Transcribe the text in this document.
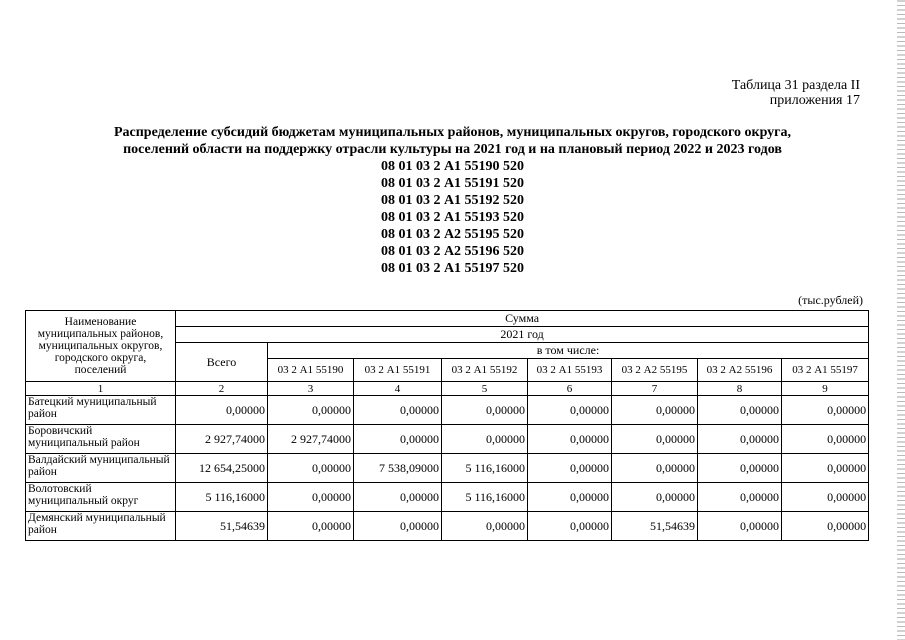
Таблица 31 раздела II
приложения 17
Распределение субсидий бюджетам муниципальных районов, муниципальных округов, городского округа,
поселений области на поддержку отрасли культуры на 2021 год и на плановый период 2022 и 2023 годов
08 01 03 2 А1 55190 520
08 01 03 2 А1 55191 520
08 01 03 2 А1 55192 520
08 01 03 2 А1 55193 520
08 01 03 2 А2 55195 520
08 01 03 2 А2 55196 520
08 01 03 2 А1 55197 520
(тыс.рублей)
Наименование муниципальных районов, муниципальных округов, городского округа, поселений	Сумма							
	2021 год							
	Всего	в том числе:						
		03 2 А1 55190	03 2 А1 55191	03 2 А1 55192	03 2 А1 55193	03 2 А2 55195	03 2 А2 55196	03 2 А1 55197
1	2	3	4	5	6	7	8	9
Батецкий муниципальный район	0,00000	0,00000	0,00000	0,00000	0,00000	0,00000	0,00000	0,00000
Боровичский муниципальный район	2 927,74000	2 927,74000	0,00000	0,00000	0,00000	0,00000	0,00000	0,00000
Валдайский муниципальный район	12 654,25000	0,00000	7 538,09000	5 116,16000	0,00000	0,00000	0,00000	0,00000
Волотовский муниципальный округ	5 116,16000	0,00000	0,00000	5 116,16000	0,00000	0,00000	0,00000	0,00000
Демянский муниципальный район	51,54639	0,00000	0,00000	0,00000	0,00000	51,54639	0,00000	0,00000
